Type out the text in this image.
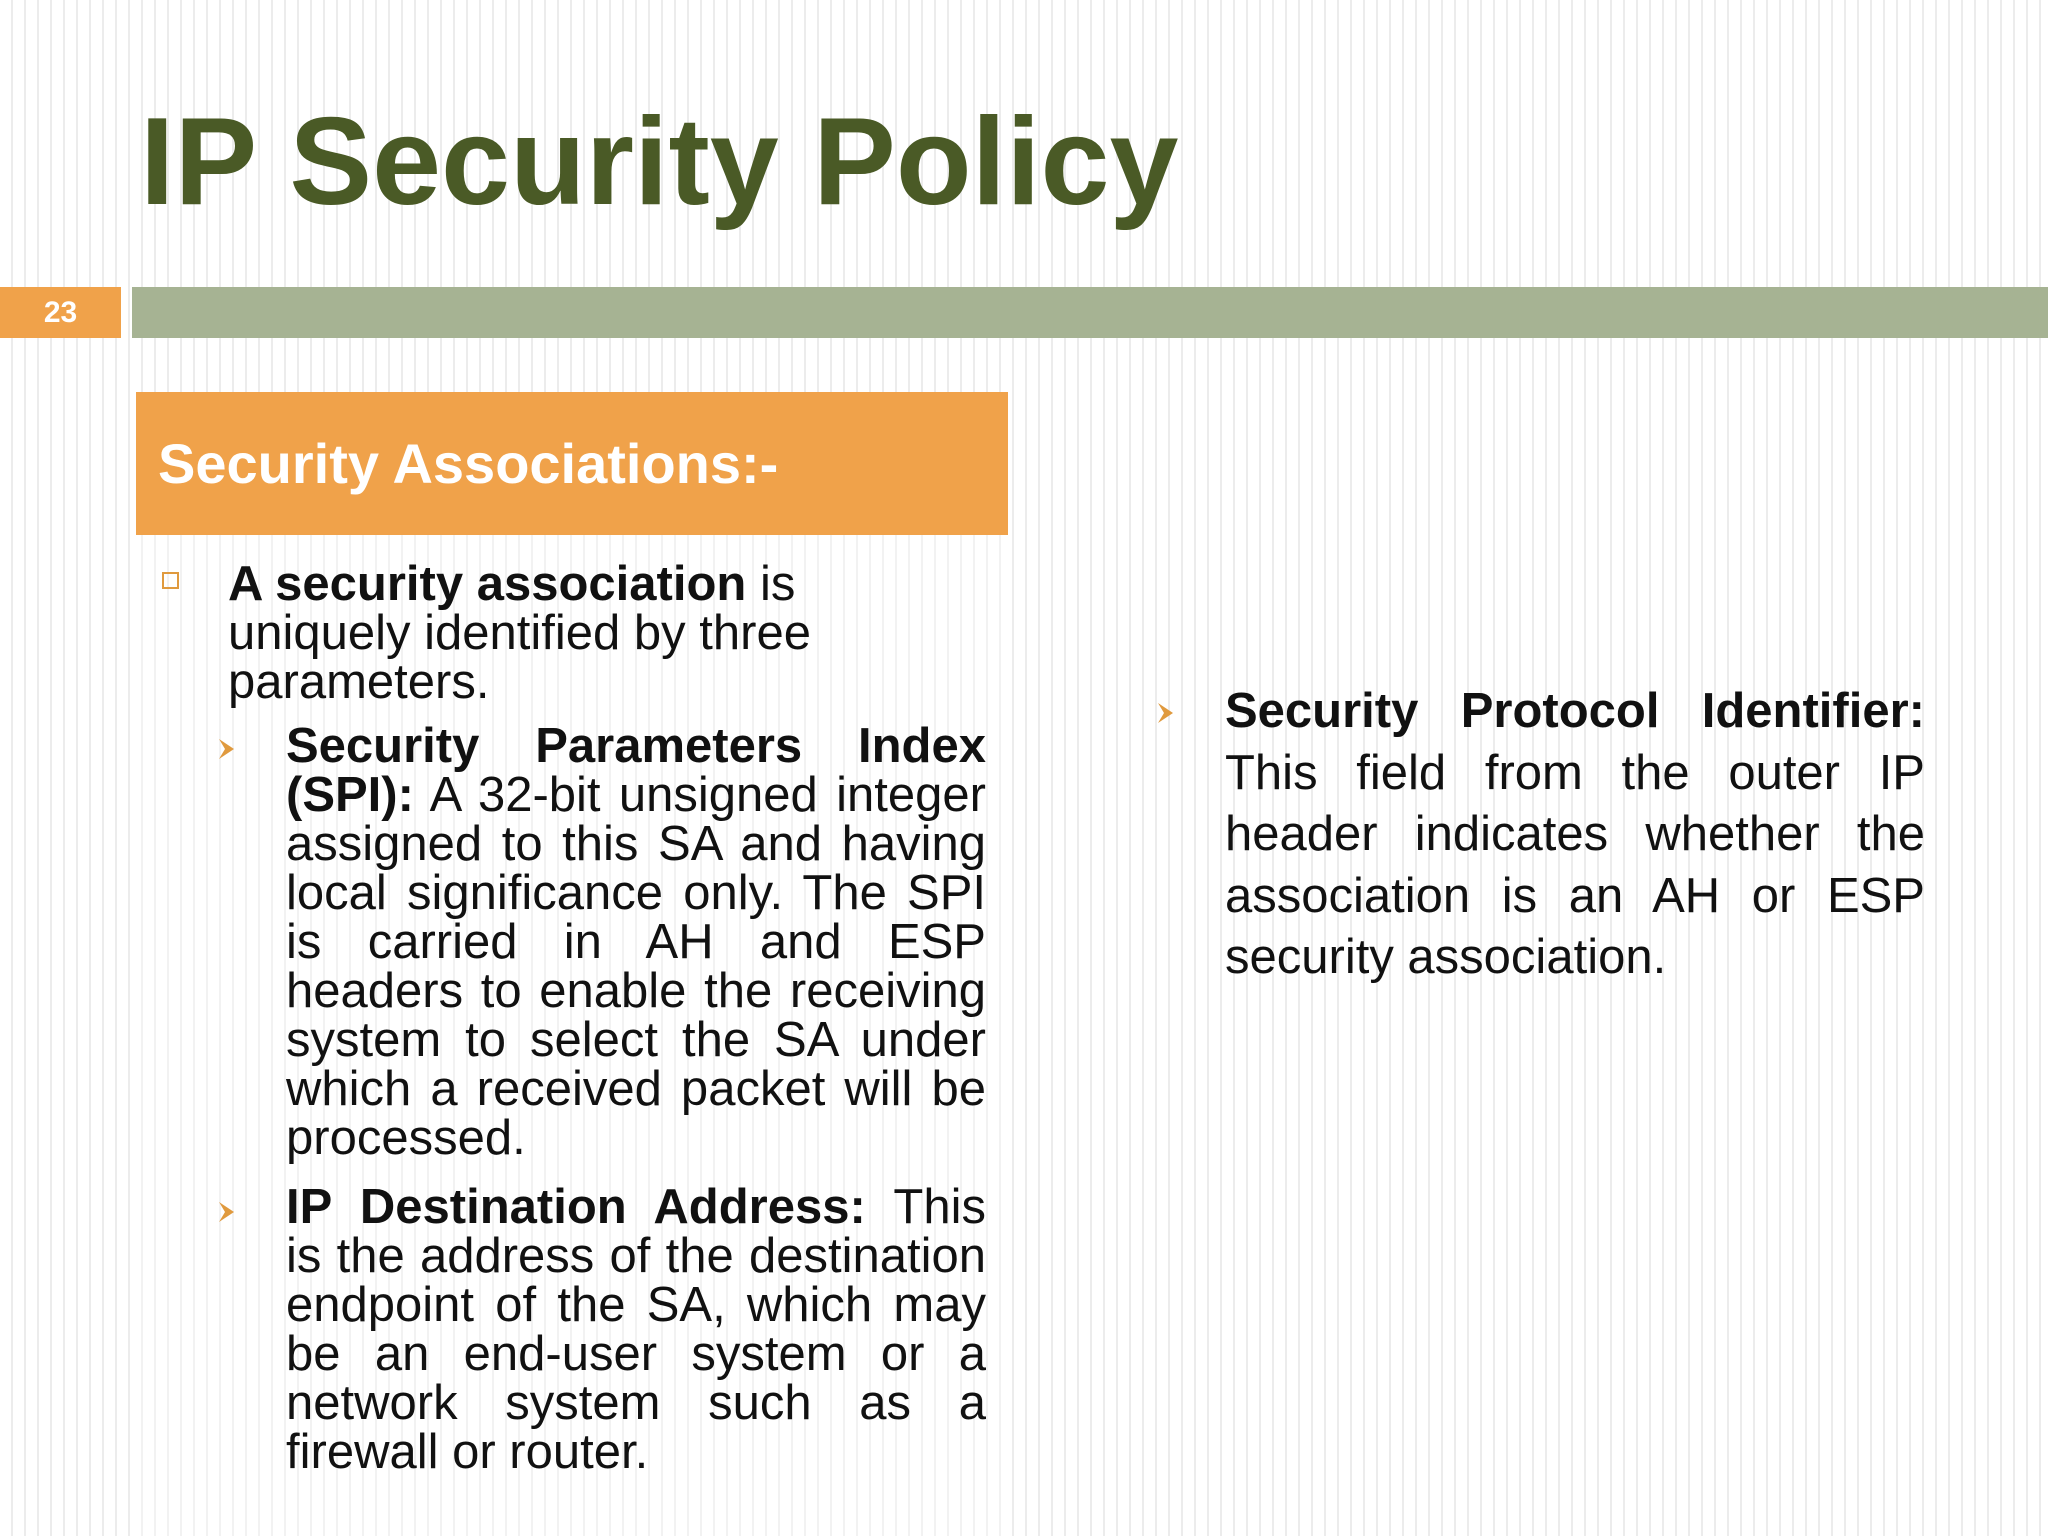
IP Security Policy
23
Security Associations:-
A security association is uniquely identified by three parameters.
Security Parameters Index (SPI): A 32-bit unsigned integer assigned to this SA and having local significance only. The SPI is carried in AH and ESP headers to enable the receiving system to select the SA under which a received packet will be processed.
IP Destination Address: This is the address of the destination endpoint of the SA, which may be an end-user system or a network system such as a firewall or router.
Security Protocol Identifier: This field from the outer IP header indicates whether the association is an AH or ESP security association.
